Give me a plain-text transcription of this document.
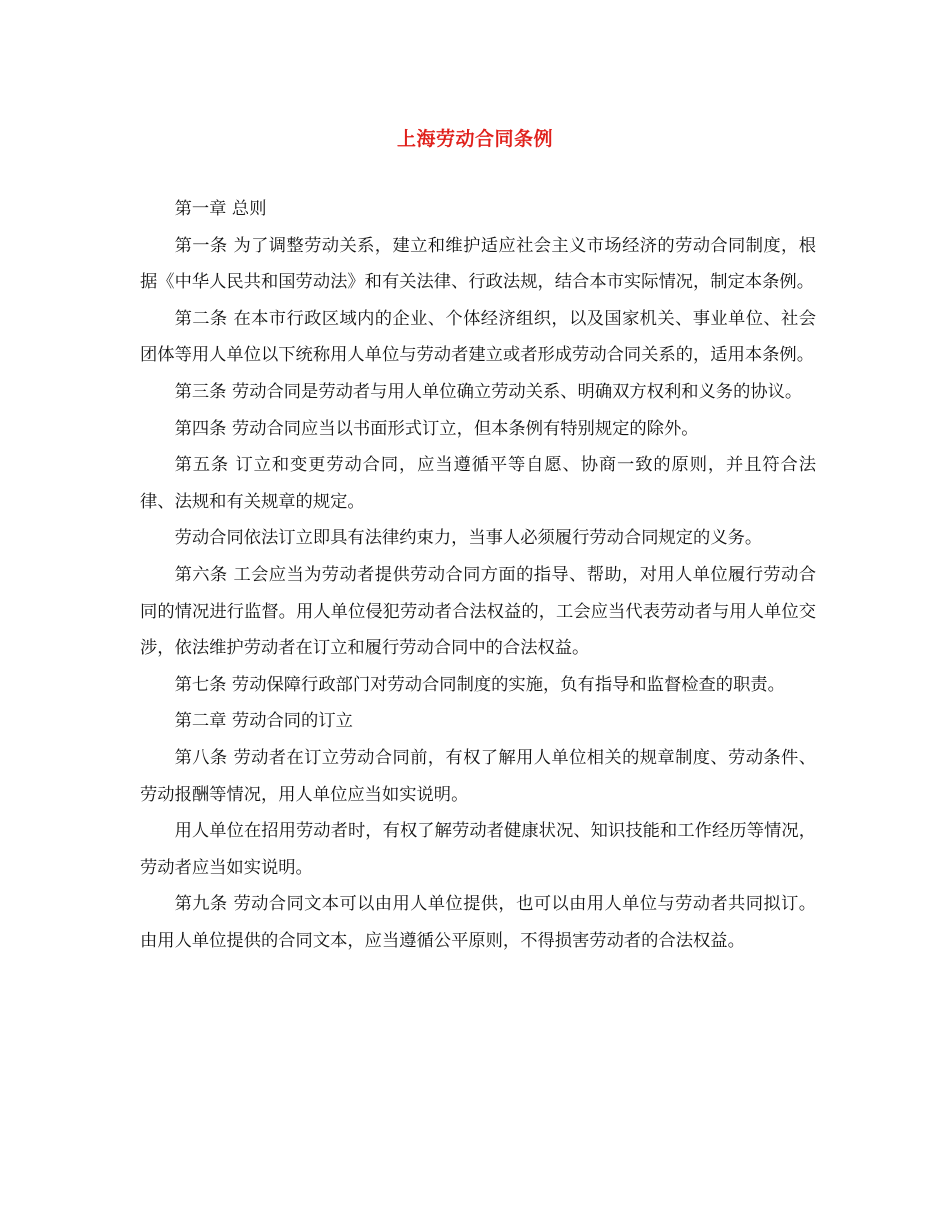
上海劳动合同条例

第一章 总则

第一条 为了调整劳动关系，建立和维护适应社会主义市场经济的劳动合同制度，根据《中华人民共和国劳动法》和有关法律、行政法规，结合本市实际情况，制定本条例。

第二条 在本市行政区域内的企业、个体经济组织，以及国家机关、事业单位、社会团体等用人单位以下统称用人单位与劳动者建立或者形成劳动合同关系的，适用本条例。

第三条 劳动合同是劳动者与用人单位确立劳动关系、明确双方权利和义务的协议。

第四条 劳动合同应当以书面形式订立，但本条例有特别规定的除外。

第五条 订立和变更劳动合同，应当遵循平等自愿、协商一致的原则，并且符合法律、法规和有关规章的规定。

劳动合同依法订立即具有法律约束力，当事人必须履行劳动合同规定的义务。

第六条 工会应当为劳动者提供劳动合同方面的指导、帮助，对用人单位履行劳动合同的情况进行监督。用人单位侵犯劳动者合法权益的，工会应当代表劳动者与用人单位交涉，依法维护劳动者在订立和履行劳动合同中的合法权益。

第七条 劳动保障行政部门对劳动合同制度的实施，负有指导和监督检查的职责。

第二章 劳动合同的订立

第八条 劳动者在订立劳动合同前，有权了解用人单位相关的规章制度、劳动条件、劳动报酬等情况，用人单位应当如实说明。

用人单位在招用劳动者时，有权了解劳动者健康状况、知识技能和工作经历等情况，劳动者应当如实说明。

第九条 劳动合同文本可以由用人单位提供，也可以由用人单位与劳动者共同拟订。由用人单位提供的合同文本，应当遵循公平原则，不得损害劳动者的合法权益。
